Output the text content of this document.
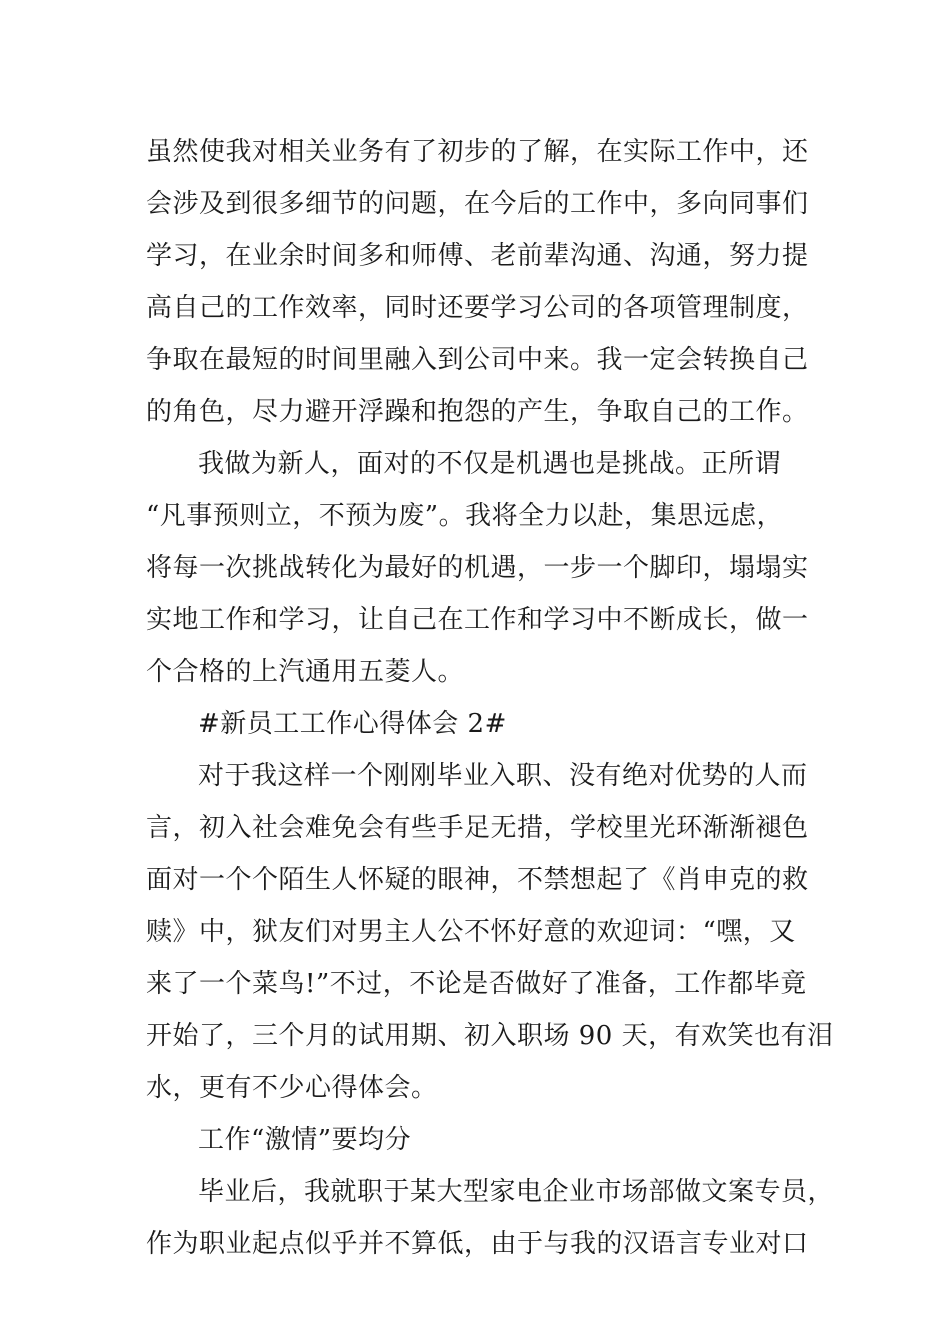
虽然使我对相关业务有了初步的了解，在实际工作中，还
会涉及到很多细节的问题，在今后的工作中，多向同事们
学习，在业余时间多和师傅、老前辈沟通、沟通，努力提
高自己的工作效率，同时还要学习公司的各项管理制度，
争取在最短的时间里融入到公司中来。我一定会转换自己
的角色，尽力避开浮躁和抱怨的产生，争取自己的工作。
我做为新人，面对的不仅是机遇也是挑战。正所谓
“凡事预则立，不预为废”。我将全力以赴，集思远虑，
将每一次挑战转化为最好的机遇，一步一个脚印，塌塌实
实地工作和学习，让自己在工作和学习中不断成长，做一
个合格的上汽通用五菱人。
#新员工工作心得体会 2#
对于我这样一个刚刚毕业入职、没有绝对优势的人而
言，初入社会难免会有些手足无措，学校里光环渐渐褪色
面对一个个陌生人怀疑的眼神，不禁想起了《肖申克的救
赎》中，狱友们对男主人公不怀好意的欢迎词：“嘿，又
来了一个菜鸟!”不过，不论是否做好了准备，工作都毕竟
开始了，三个月的试用期、初入职场 90 天，有欢笑也有泪
水，更有不少心得体会。
工作“激情”要均分
毕业后，我就职于某大型家电企业市场部做文案专员，
作为职业起点似乎并不算低，由于与我的汉语言专业对口
